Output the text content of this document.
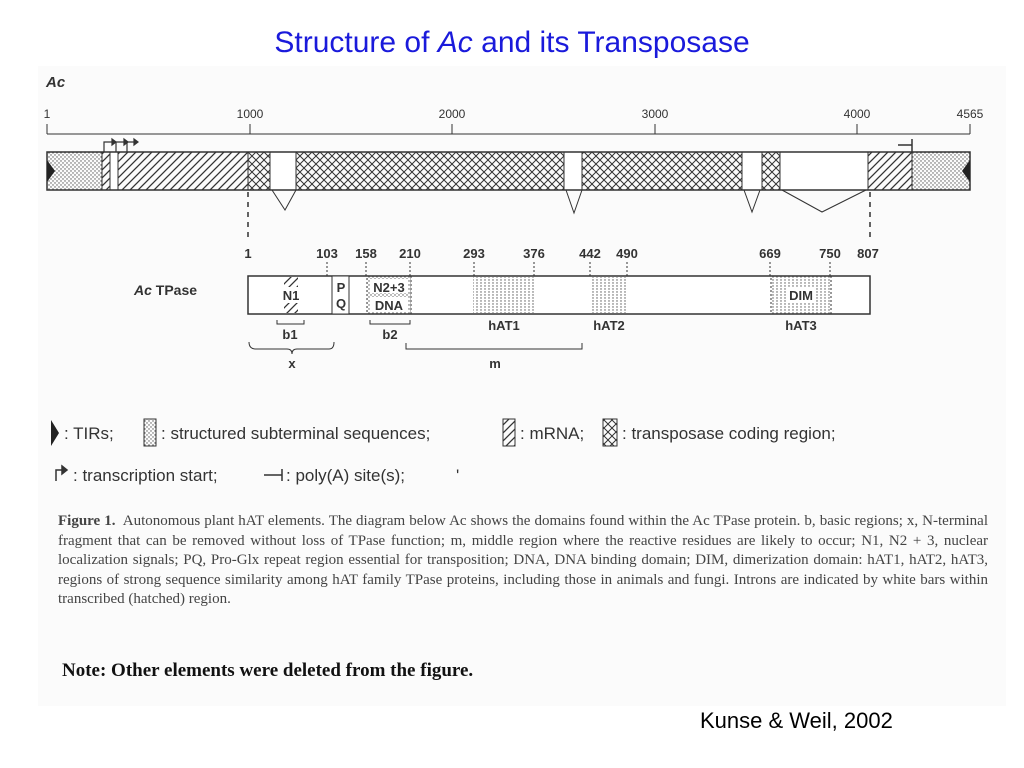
Structure of Ac and its Transposase
Ac
1	1000	2000	3000	4000	4565
1	103 158 210	293	376	442 490	669	750 807
Ac TPase	N1
P
Q
N2+3
DNA
DIM
hAT1	hAT2	hAT3
b1	b2
x	m
: TIRs;	: structured subterminal sequences;	: mRNA; : transposase coding region;
: transcription start;	: poly(A) site(s);	'

Figure 1. Autonomous plant hAT elements. The diagram below Ac shows the domains found within the Ac TPase protein. b, basic regions; x, N-terminal fragment that can be removed without loss of TPase function; m, middle region where the reactive residues are likely to occur; N1, N2 + 3, nuclear localization signals; PQ, Pro-Glx repeat region essential for transposition; DNA, DNA binding domain; DIM, dimerization domain: hAT1, hAT2, hAT3, regions of strong sequence similarity among hAT family TPase proteins, including those in animals and fungi. Introns are indicated by white bars within transcribed (hatched) region.

Note: Other elements were deleted from the figure.
Kunse & Weil, 2002
